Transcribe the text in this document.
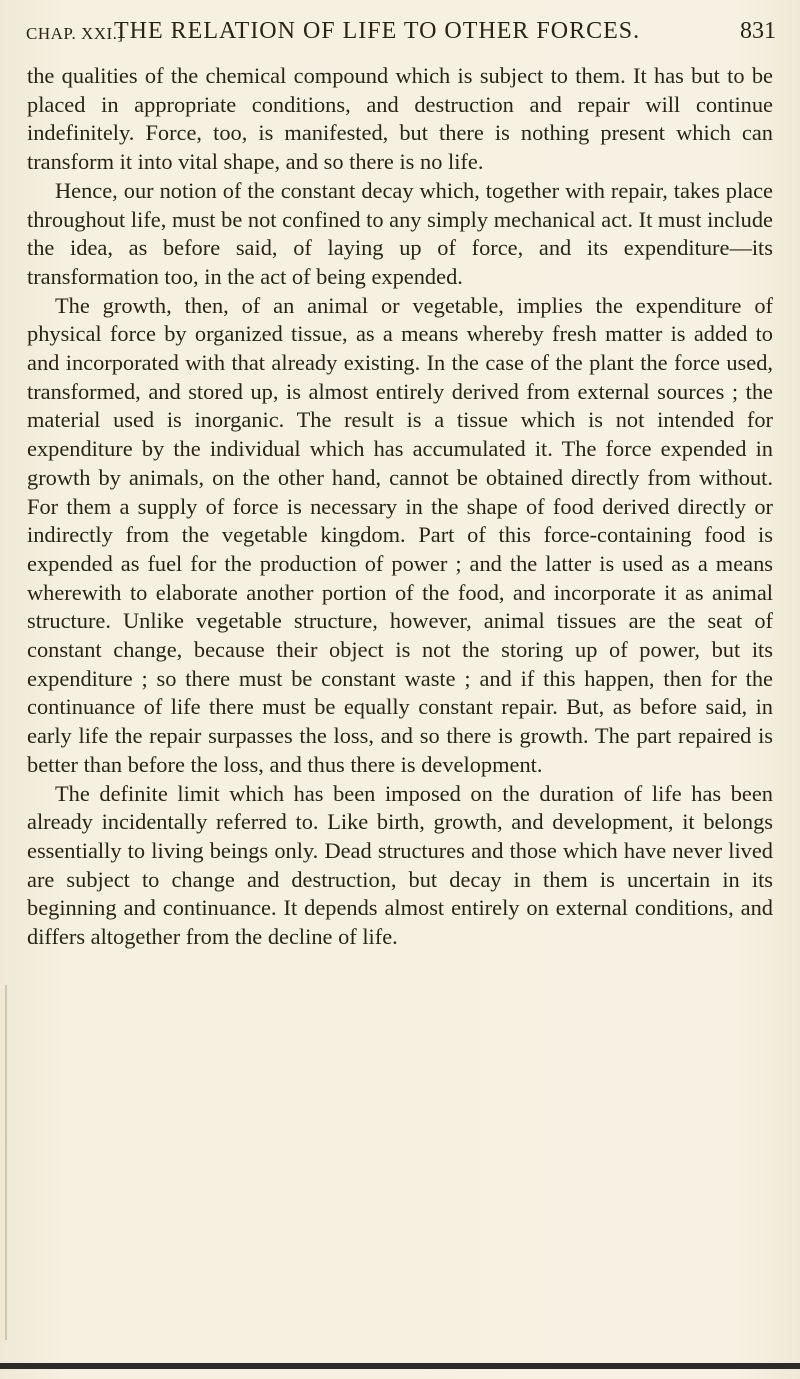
CHAP. XXI.]
THE RELATION OF LIFE TO OTHER FORCES.	831

the qualities of the chemical compound which is subject to them. It has but to be placed in appropriate conditions, and destruction and repair will continue indefinitely. Force, too, is manifested, but there is nothing present which can transform it into vital shape, and so there is no life.

Hence, our notion of the constant decay which, together with repair, takes place throughout life, must be not confined to any simply mechanical act. It must include the idea, as before said, of laying up of force, and its expenditure—its transformation too, in the act of being expended.

The growth, then, of an animal or vegetable, implies the expenditure of physical force by organized tissue, as a means whereby fresh matter is added to and incorporated with that already existing. In the case of the plant the force used, transformed, and stored up, is almost entirely derived from external sources ; the material used is inorganic. The result is a tissue which is not intended for expenditure by the individual which has accumulated it. The force expended in growth by animals, on the other hand, cannot be obtained directly from without. For them a supply of force is necessary in the shape of food derived directly or indirectly from the vegetable kingdom. Part of this force-containing food is expended as fuel for the production of power ; and the latter is used as a means wherewith to elaborate another portion of the food, and incorporate it as animal structure. Unlike vegetable structure, however, animal tissues are the seat of constant change, because their object is not the storing up of power, but its expenditure ; so there must be constant waste ; and if this happen, then for the continuance of life there must be equally constant repair. But, as before said, in early life the repair surpasses the loss, and so there is growth. The part repaired is better than before the loss, and thus there is development.

The definite limit which has been imposed on the duration of life has been already incidentally referred to. Like birth, growth, and development, it belongs essentially to living beings only. Dead structures and those which have never lived are subject to change and destruction, but decay in them is uncertain in its beginning and continuance. It depends almost entirely on external conditions, and differs altogether from the decline of life.
